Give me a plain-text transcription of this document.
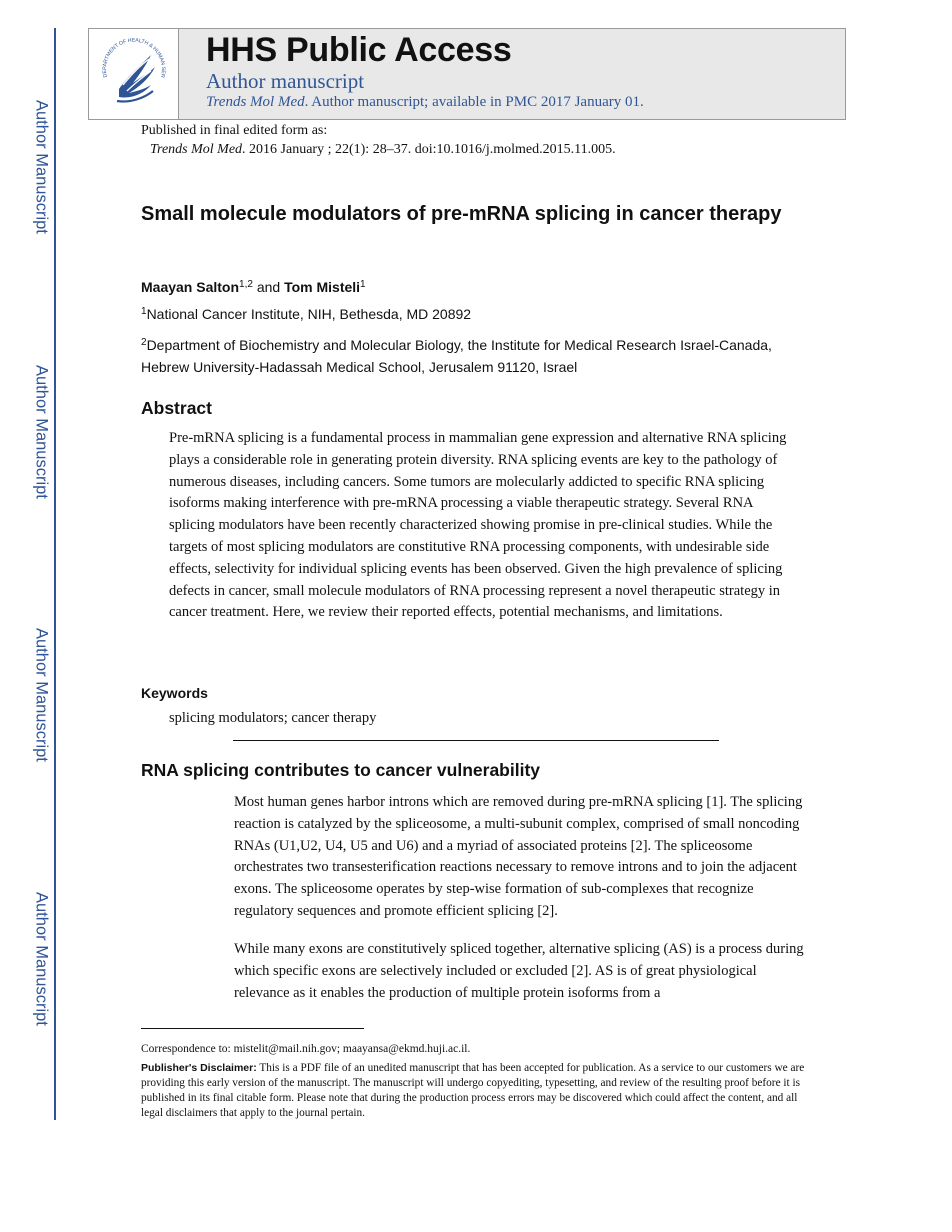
Author Manuscript
Author Manuscript
Author Manuscript
Author Manuscript
DEPARTMENT OF HEALTH & HUMAN SER
HHS Public Access
Author manuscript
Trends Mol Med. Author manuscript; available in PMC 2017 January 01.
Published in final edited form as:
Trends Mol Med. 2016 January ; 22(1): 28–37. doi:10.1016/j.molmed.2015.11.005.
Small molecule modulators of pre-mRNA splicing in cancer therapy
Maayan Salton$^{1,2}$ and Tom Misteli$^1$
$^1$National Cancer Institute, NIH, Bethesda, MD 20892
$^2$Department of Biochemistry and Molecular Biology, the Institute for Medical Research Israel-Canada, Hebrew University-Hadassah Medical School, Jerusalem 91120, Israel
Abstract
Pre-mRNA splicing is a fundamental process in mammalian gene expression and alternative RNA splicing plays a considerable role in generating protein diversity. RNA splicing events are key to the pathology of numerous diseases, including cancers. Some tumors are molecularly addicted to specific RNA splicing isoforms making interference with pre-mRNA processing a viable therapeutic strategy. Several RNA splicing modulators have been recently characterized showing promise in pre-clinical studies. While the targets of most splicing modulators are constitutive RNA processing components, with undesirable side effects, selectivity for individual splicing events has been observed. Given the high prevalence of splicing defects in cancer, small molecule modulators of RNA processing represent a novel therapeutic strategy in cancer treatment. Here, we review their reported effects, potential mechanisms, and limitations.
Keywords
splicing modulators; cancer therapy
RNA splicing contributes to cancer vulnerability
Most human genes harbor introns which are removed during pre-mRNA splicing [1]. The splicing reaction is catalyzed by the spliceosome, a multi-subunit complex, comprised of small noncoding RNAs (U1,U2, U4, U5 and U6) and a myriad of associated proteins [2]. The spliceosome orchestrates two transesterification reactions necessary to remove introns and to join the adjacent exons. The spliceosome operates by step-wise formation of sub-complexes that recognize regulatory sequences and promote efficient splicing [2].
While many exons are constitutively spliced together, alternative splicing (AS) is a process during which specific exons are selectively included or excluded [2]. AS is of great physiological relevance as it enables the production of multiple protein isoforms from a
Correspondence to: mistelit@mail.nih.gov; maayansa@ekmd.huji.ac.il.
Publisher's Disclaimer: This is a PDF file of an unedited manuscript that has been accepted for publication. As a service to our customers we are providing this early version of the manuscript. The manuscript will undergo copyediting, typesetting, and review of the resulting proof before it is published in its final citable form. Please note that during the production process errors may be discovered which could affect the content, and all legal disclaimers that apply to the journal pertain.
